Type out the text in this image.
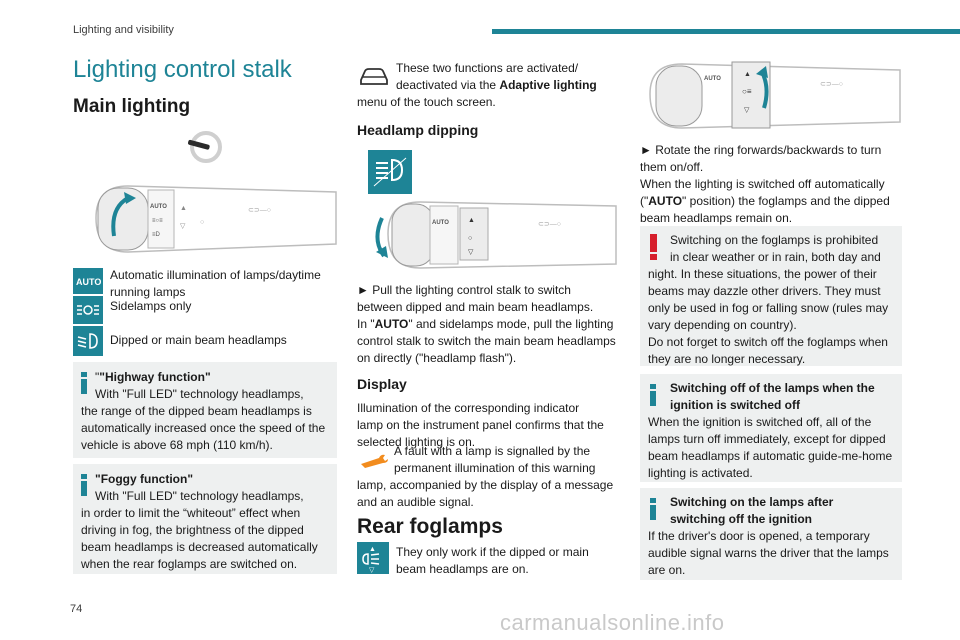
Lighting and visibility
74
Lighting control stalk
Main lighting
AUTO
≡○≡
≡D
▲
▽
○
⊂⊃—○
AUTO Automatic illumination of lamps/daytime
running lamps
Sidelamps only
Dipped or main beam headlamps
""Highway function"
With "Full LED" technology headlamps,
the range of the dipped beam headlamps is
automatically increased once the speed of the
vehicle is above 68 mph (110 km/h).
"Foggy function"
With "Full LED" technology headlamps,
in order to limit the “whiteout” effect when
driving in fog, the brightness of the dipped
beam headlamps is decreased automatically
when the rear foglamps are switched on.
These two functions are activated/
deactivated via the Adaptive lighting
menu of the touch screen.
Headlamp dipping
AUTO	▲
○
▽
⊂⊃—○
► Pull the lighting control stalk to switch
between dipped and main beam headlamps.
In "AUTO" and sidelamps mode, pull the lighting
control stalk to switch the main beam headlamps
on directly ("headlamp flash").
Display
Illumination of the corresponding indicator
lamp on the instrument panel confirms that the
selected lighting is on.
A fault with a lamp is signalled by the
permanent illumination of this warning
lamp, accompanied by the display of a message
and an audible signal.
Rear foglamps
▲
▽
They only work if the dipped or main
beam headlamps are on.
AUTO
▲
○≡
▽
⊂⊃—○
► Rotate the ring forwards/backwards to turn
them on/off.
When the lighting is switched off automatically
("AUTO" position) the foglamps and the dipped
beam headlamps remain on.
Switching on the foglamps is prohibited
in clear weather or in rain, both day and
night. In these situations, the power of their
beams may dazzle other drivers. They must
only be used in fog or falling snow (rules may
vary depending on country).
Do not forget to switch off the foglamps when
they are no longer necessary.
Switching off of the lamps when the
ignition is switched off
When the ignition is switched off, all of the
lamps turn off immediately, except for dipped
beam headlamps if automatic guide-me-home
lighting is activated.
Switching on the lamps after
switching off the ignition
If the driver's door is opened, a temporary
audible signal warns the driver that the lamps
are on.
carmanualsonline.info
